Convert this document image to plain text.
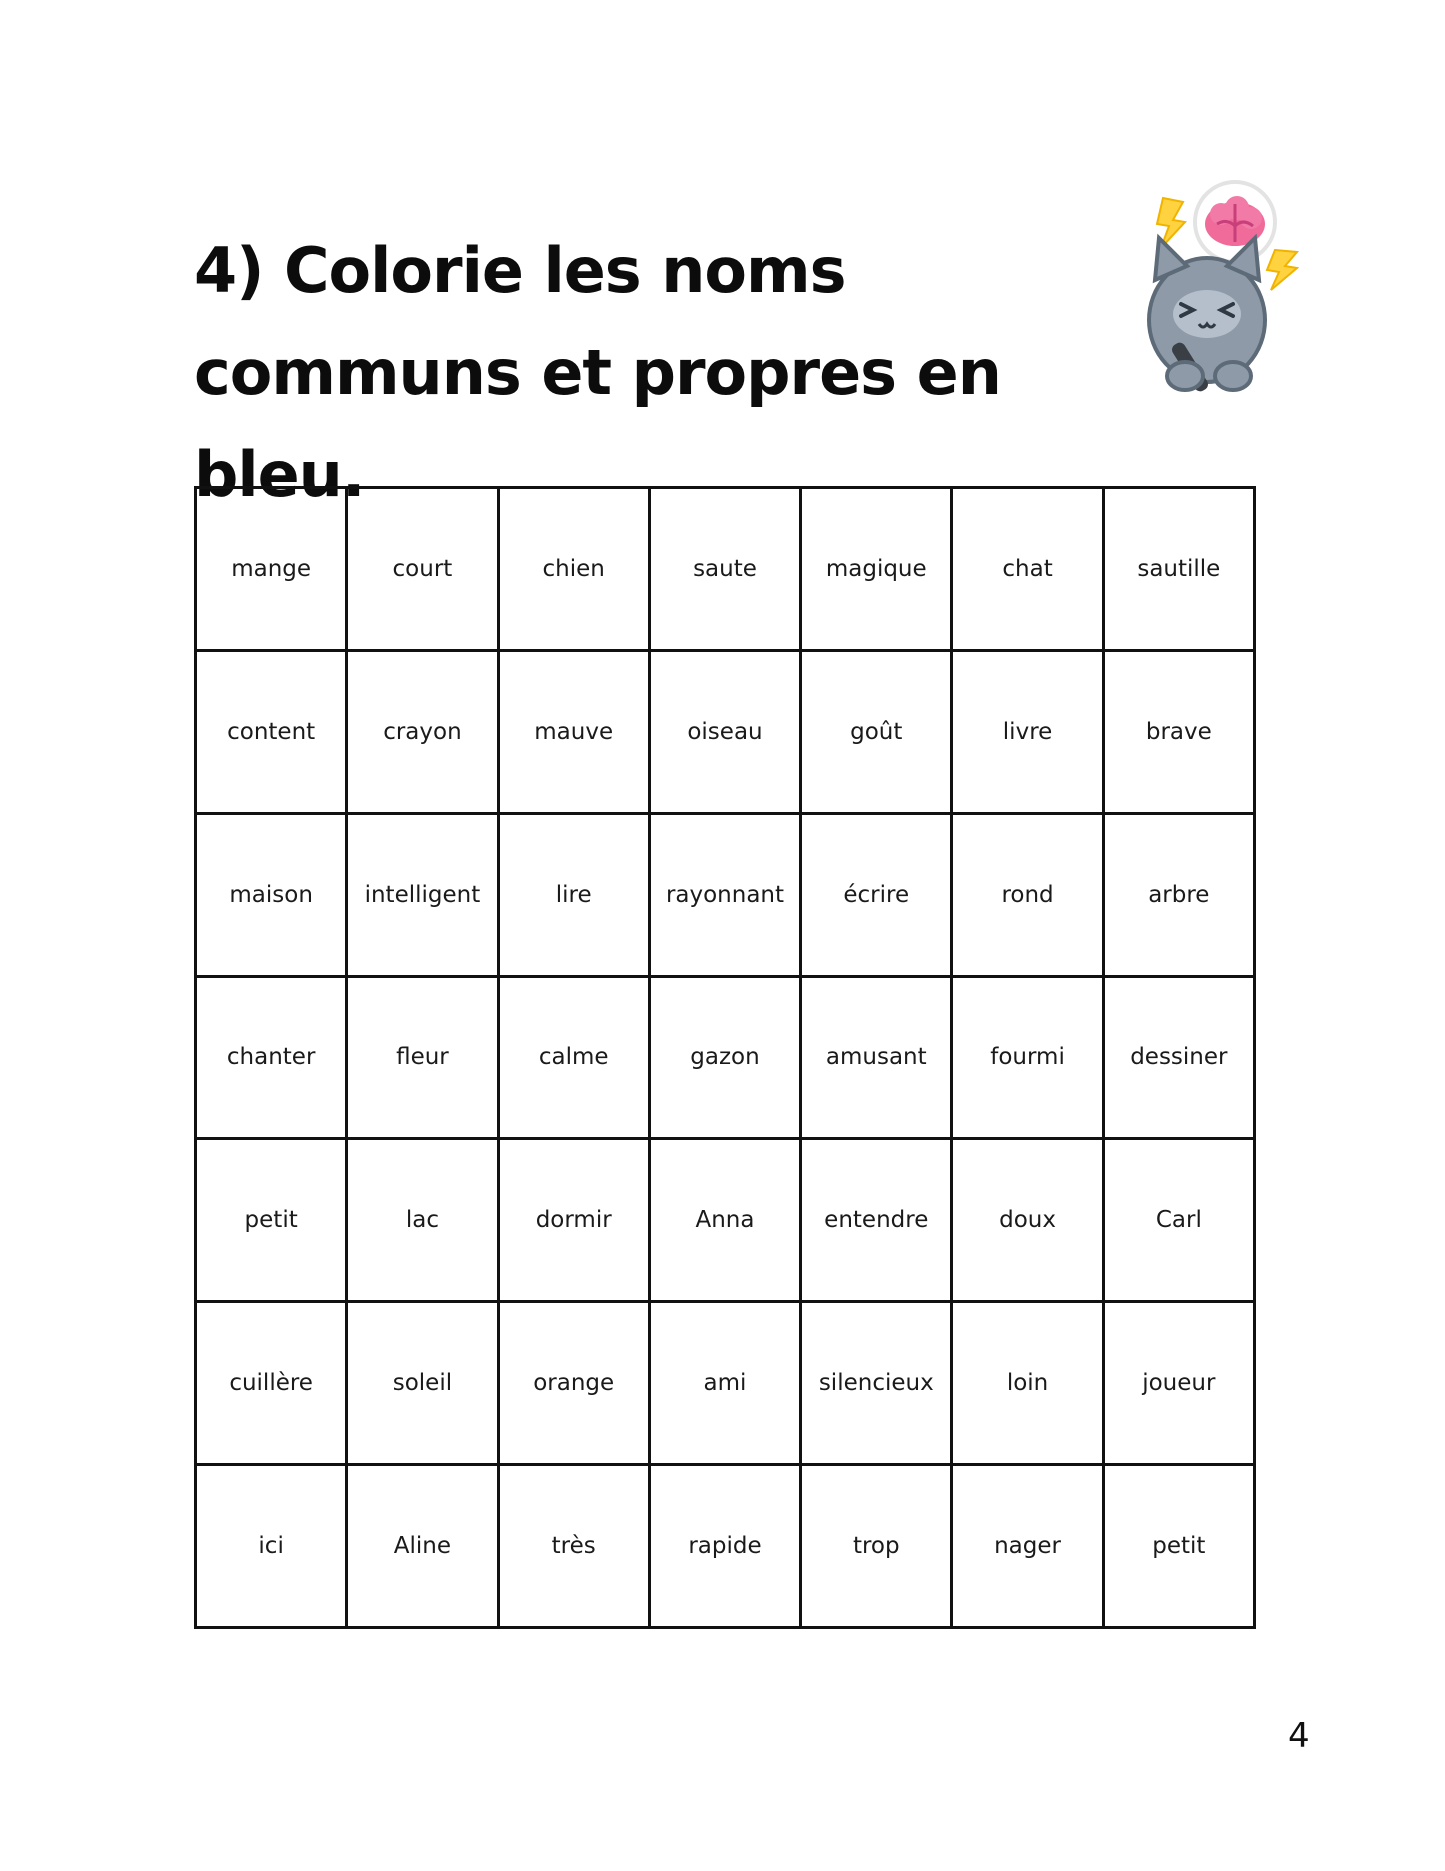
4) Colorie les noms communs et propres en bleu.
mange	court	chien	saute	magique	chat	sautille
content	crayon	mauve	oiseau	goût	livre	brave
maison	intelligent	lire	rayonnant	écrire	rond	arbre
chanter	fleur	calme	gazon	amusant	fourmi	dessiner
petit	lac	dormir	Anna	entendre	doux	Carl
cuillère	soleil	orange	ami	silencieux	loin	joueur
ici	Aline	très	rapide	trop	nager	petit
4
